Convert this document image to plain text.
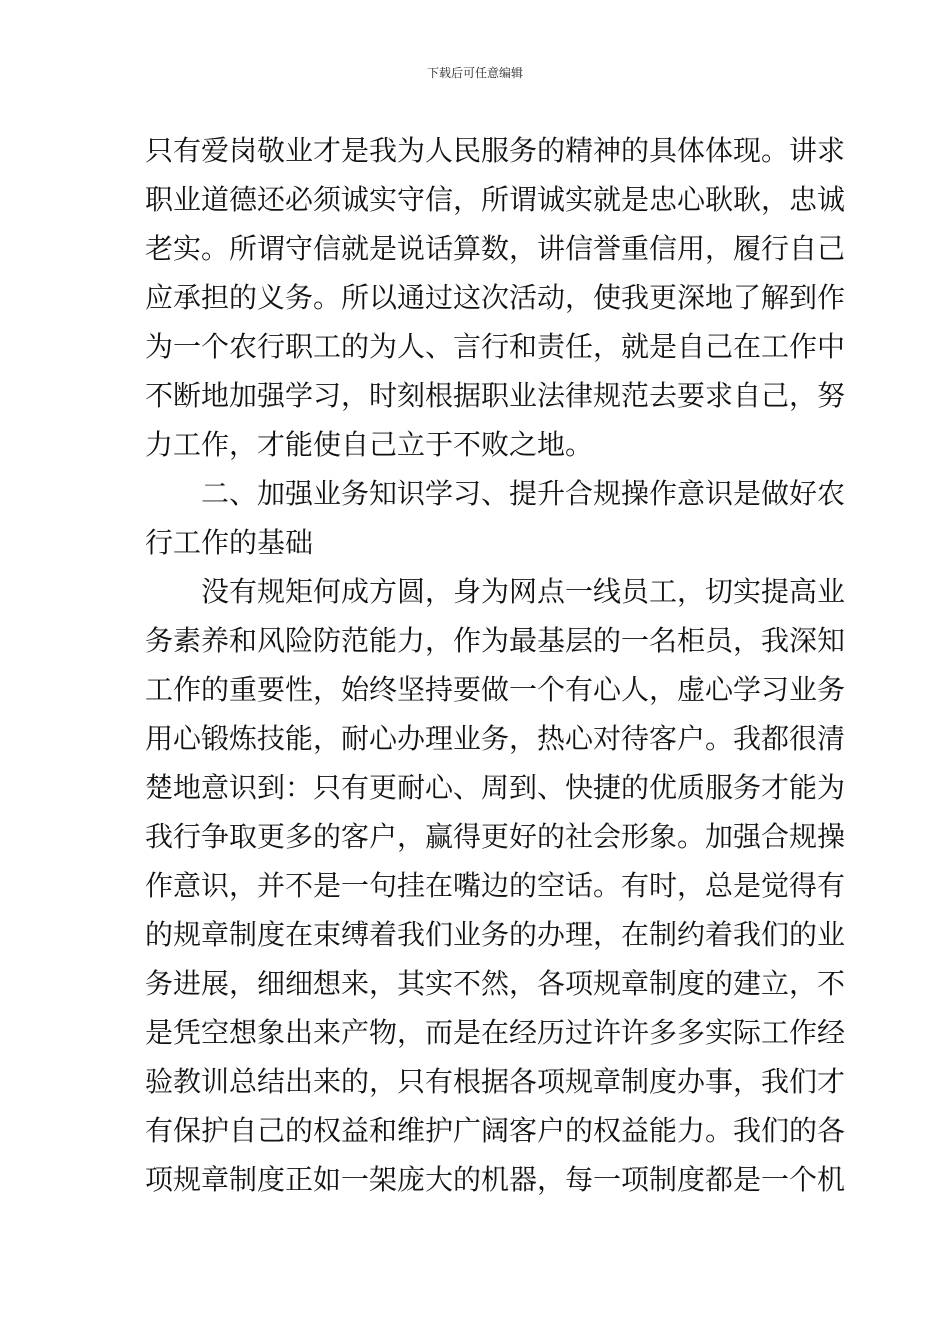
下载后可任意编辑
只有爱岗敬业才是我为人民服务的精神的具体体现。讲求
职业道德还必须诚实守信，所谓诚实就是忠心耿耿，忠诚
老实。所谓守信就是说话算数，讲信誉重信用，履行自己
应承担的义务。所以通过这次活动，使我更深地了解到作
为一个农行职工的为人、言行和责任，就是自己在工作中
不断地加强学习，时刻根据职业法律规范去要求自己，努
力工作，才能使自己立于不败之地。
二、加强业务知识学习、提升合规操作意识是做好农
行工作的基础
没有规矩何成方圆，身为网点一线员工，切实提高业
务素养和风险防范能力，作为最基层的一名柜员，我深知
工作的重要性，始终坚持要做一个有心人，虚心学习业务
用心锻炼技能，耐心办理业务，热心对待客户。我都很清
楚地意识到：只有更耐心、周到、快捷的优质服务才能为
我行争取更多的客户，赢得更好的社会形象。加强合规操
作意识，并不是一句挂在嘴边的空话。有时，总是觉得有
的规章制度在束缚着我们业务的办理，在制约着我们的业
务进展，细细想来，其实不然，各项规章制度的建立，不
是凭空想象出来产物，而是在经历过许许多多实际工作经
验教训总结出来的，只有根据各项规章制度办事，我们才
有保护自己的权益和维护广阔客户的权益能力。我们的各
项规章制度正如一架庞大的机器，每一项制度都是一个机
